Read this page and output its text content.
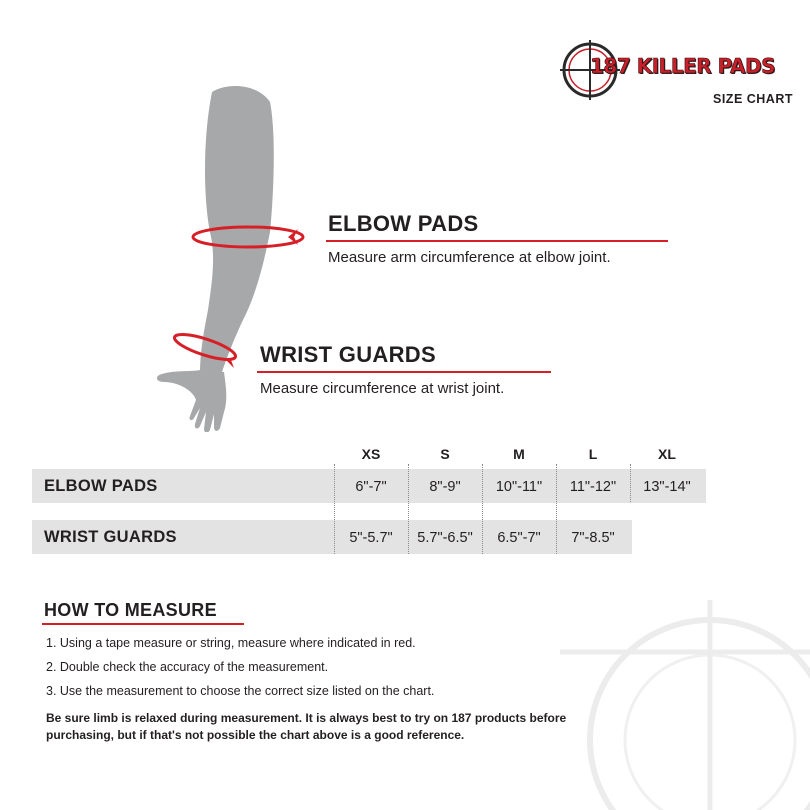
187 KILLER PADS
SIZE CHART
ELBOW PADS
Measure arm circumference at elbow joint.
WRIST GUARDS
Measure circumference at wrist joint.
XS	S	M	L	XL
ELBOW PADS	6"-7"	8"-9"	10"-11"	11"-12"	13"-14"
WRIST GUARDS	5"-5.7"	5.7"-6.5"	6.5"-7"	7"-8.5"
HOW TO MEASURE
1. Using a tape measure or string, measure where indicated in red.
2. Double check the accuracy of the measurement.
3. Use the measurement to choose the correct size listed on the chart.
Be sure limb is relaxed during measurement. It is always best to try on 187 products before purchasing, but if that's not possible the chart above is a good reference.
